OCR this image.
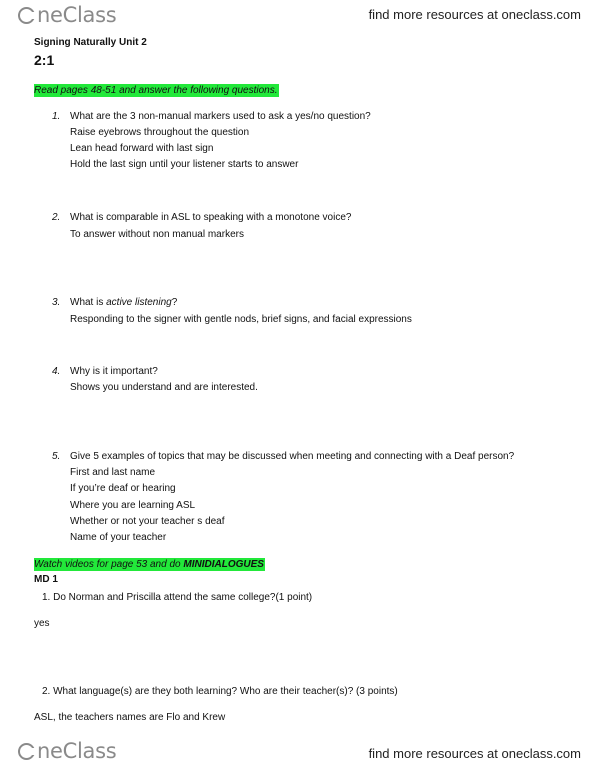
neClass	find more resources at oneclass.com
Signing Naturally Unit 2
2:1
Read pages 48-51 and answer the following questions.
1. What are the 3 non-manual markers used to ask a yes/no question?
Raise eyebrows throughout the question
Lean head forward with last sign
Hold the last sign until your listener starts to answer
2. What is comparable in ASL to speaking with a monotone voice?
To answer without non manual markers
3. What is active listening?
Responding to the signer with gentle nods, brief signs, and facial expressions
4. Why is it important?
Shows you understand and are interested.
5. Give 5 examples of topics that may be discussed when meeting and connecting with a Deaf person?
First and last name
If you’re deaf or hearing
Where you are learning ASL
Whether or not your teacher s deaf
Name of your teacher
Watch videos for page 53 and do MINIDIALOGUES
MD 1
1. Do Norman and Priscilla attend the same college?(1 point)
yes
2. What language(s) are they both learning? Who are their teacher(s)? (3 points)
ASL, the teachers names are Flo and Krew
neClass	find more resources at oneclass.com
